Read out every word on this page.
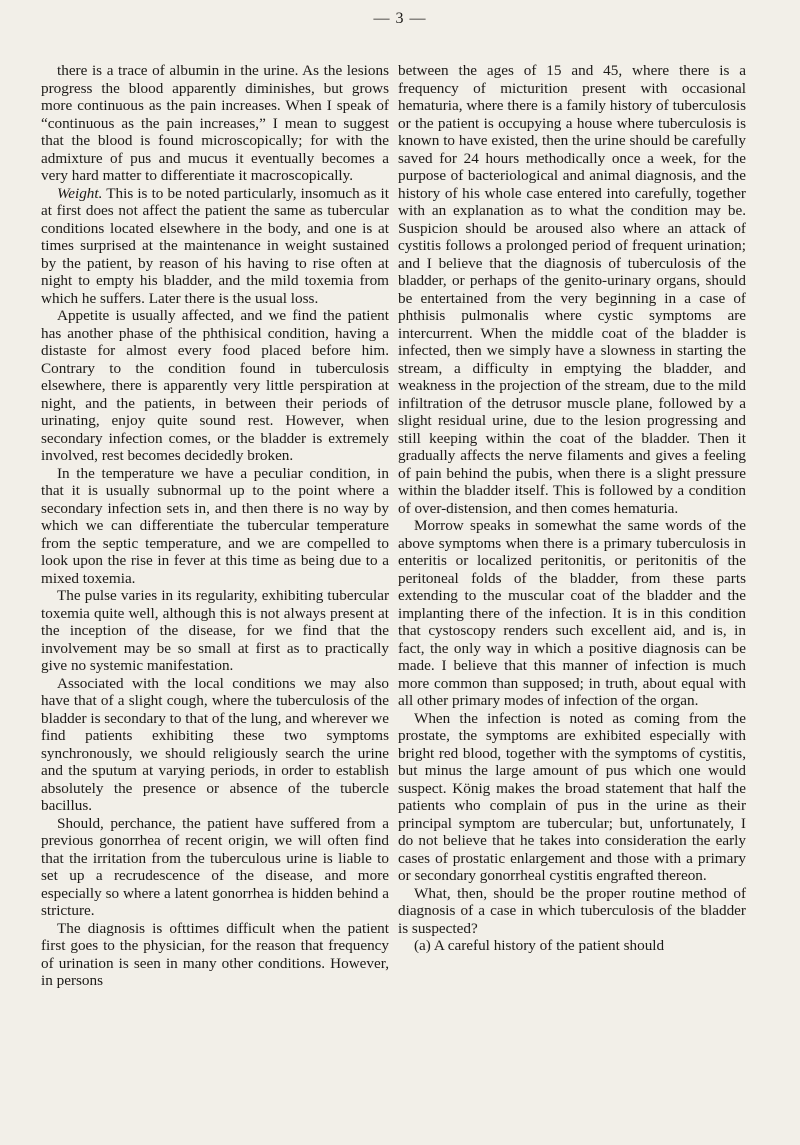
— 3 —

there is a trace of albumin in the urine. As the lesions progress the blood apparently diminishes, but grows more continuous as the pain increases. When I speak of “continuous as the pain increases,” I mean to suggest that the blood is found microscopically; for with the admixture of pus and mucus it eventually becomes a very hard matter to differentiate it macroscopically.

Weight. This is to be noted particularly, insomuch as it at first does not affect the patient the same as tubercular conditions located elsewhere in the body, and one is at times surprised at the maintenance in weight sustained by the patient, by reason of his having to rise often at night to empty his bladder, and the mild toxemia from which he suffers. Later there is the usual loss.

Appetite is usually affected, and we find the patient has another phase of the phthisical condition, having a distaste for almost every food placed before him. Contrary to the condition found in tuberculosis elsewhere, there is apparently very little perspiration at night, and the patients, in between their periods of urinating, enjoy quite sound rest. However, when secondary infection comes, or the bladder is extremely involved, rest becomes decidedly broken.

In the temperature we have a peculiar condition, in that it is usually subnormal up to the point where a secondary infection sets in, and then there is no way by which we can differentiate the tubercular temperature from the septic temperature, and we are compelled to look upon the rise in fever at this time as being due to a mixed toxemia.

The pulse varies in its regularity, exhibiting tubercular toxemia quite well, although this is not always present at the inception of the disease, for we find that the involvement may be so small at first as to practically give no systemic manifestation.

Associated with the local conditions we may also have that of a slight cough, where the tuberculosis of the bladder is secondary to that of the lung, and wherever we find patients exhibiting these two symptoms synchronously, we should religiously search the urine and the sputum at varying periods, in order to establish absolutely the presence or absence of the tubercle bacillus.

Should, perchance, the patient have suffered from a previous gonorrhea of recent origin, we will often find that the irritation from the tuberculous urine is liable to set up a recrudescence of the disease, and more especially so where a latent gonorrhea is hidden behind a stricture.

The diagnosis is ofttimes difficult when the patient first goes to the physician, for the reason that frequency of urination is seen in many other conditions. However, in persons

between the ages of 15 and 45, where there is a frequency of micturition present with occasional hematuria, where there is a family history of tuberculosis or the patient is occupying a house where tuberculosis is known to have existed, then the urine should be carefully saved for 24 hours methodically once a week, for the purpose of bacteriological and animal diagnosis, and the history of his whole case entered into carefully, together with an explanation as to what the condition may be. Suspicion should be aroused also where an attack of cystitis follows a prolonged period of frequent urination; and I believe that the diagnosis of tuberculosis of the bladder, or perhaps of the genito-urinary organs, should be entertained from the very beginning in a case of phthisis pulmonalis where cystic symptoms are intercurrent. When the middle coat of the bladder is infected, then we simply have a slowness in starting the stream, a difficulty in emptying the bladder, and weakness in the projection of the stream, due to the mild infiltration of the detrusor muscle plane, followed by a slight residual urine, due to the lesion progressing and still keeping within the coat of the bladder. Then it gradually affects the nerve filaments and gives a feeling of pain behind the pubis, when there is a slight pressure within the bladder itself. This is followed by a condition of over-distension, and then comes hematuria.

Morrow speaks in somewhat the same words of the above symptoms when there is a primary tuberculosis in enteritis or localized peritonitis, or peritonitis of the peritoneal folds of the bladder, from these parts extending to the muscular coat of the bladder and the implanting there of the infection. It is in this condition that cystoscopy renders such excellent aid, and is, in fact, the only way in which a positive diagnosis can be made. I believe that this manner of infection is much more common than supposed; in truth, about equal with all other primary modes of infection of the organ.

When the infection is noted as coming from the prostate, the symptoms are exhibited especially with bright red blood, together with the symptoms of cystitis, but minus the large amount of pus which one would suspect. König makes the broad statement that half the patients who complain of pus in the urine as their principal symptom are tubercular; but, unfortunately, I do not believe that he takes into consideration the early cases of prostatic enlargement and those with a primary or secondary gonorrheal cystitis engrafted thereon.

What, then, should be the proper routine method of diagnosis of a case in which tuberculosis of the bladder is suspected?

(a) A careful history of the patient should
